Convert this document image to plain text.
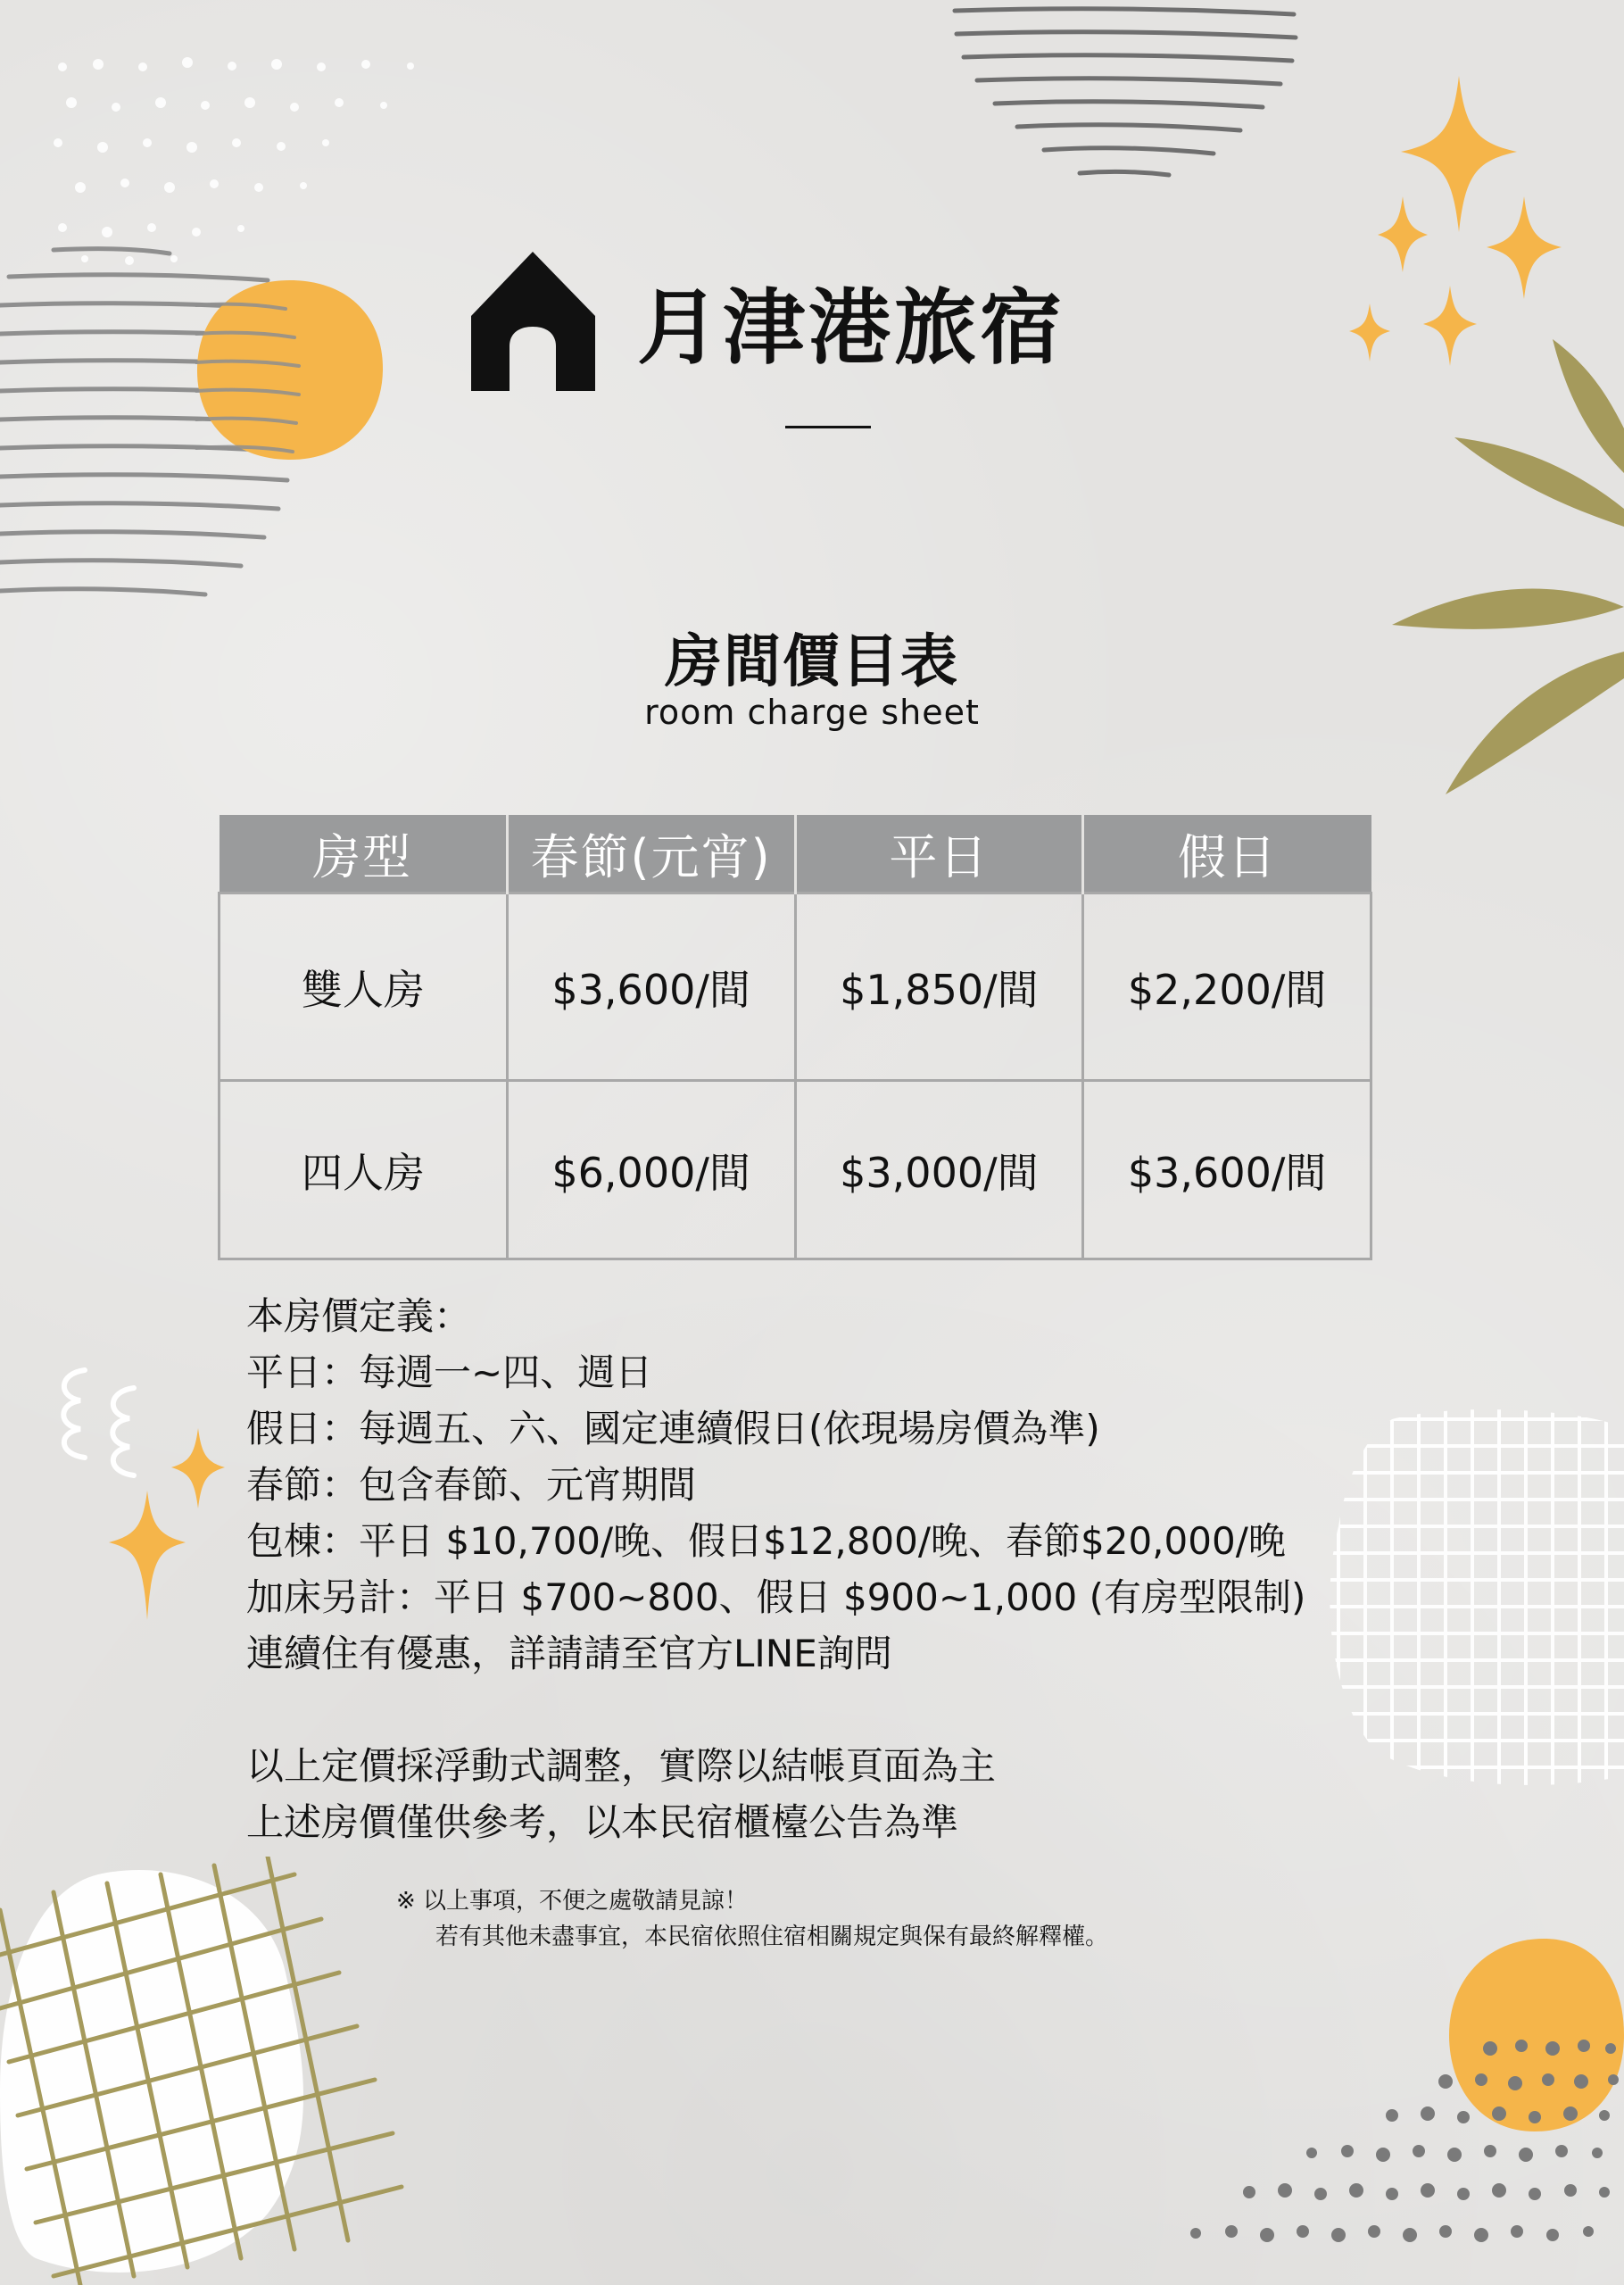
月津港旅宿
房間價目表
room charge sheet
房型	春節(元宵)	平日	假日
雙人房	$3,600/間	$1,850/間	$2,200/間
四人房	$6,000/間	$3,000/間	$3,600/間
本房價定義：
平日：每週一~四、週日
假日：每週五、六、國定連續假日(依現場房價為準)
春節：包含春節、元宵期間
包棟：平日 $10,700/晚、假日$12,800/晚、春節$20,000/晚
加床另計：平日 $700~800、假日 $900~1,000 (有房型限制)
連續住有優惠，詳請請至官方LINE詢問
以上定價採浮動式調整，實際以結帳頁面為主
上述房價僅供參考，以本民宿櫃檯公告為準
※ 以上事項，不便之處敬請見諒！
若有其他未盡事宜，本民宿依照住宿相關規定與保有最終解釋權。
